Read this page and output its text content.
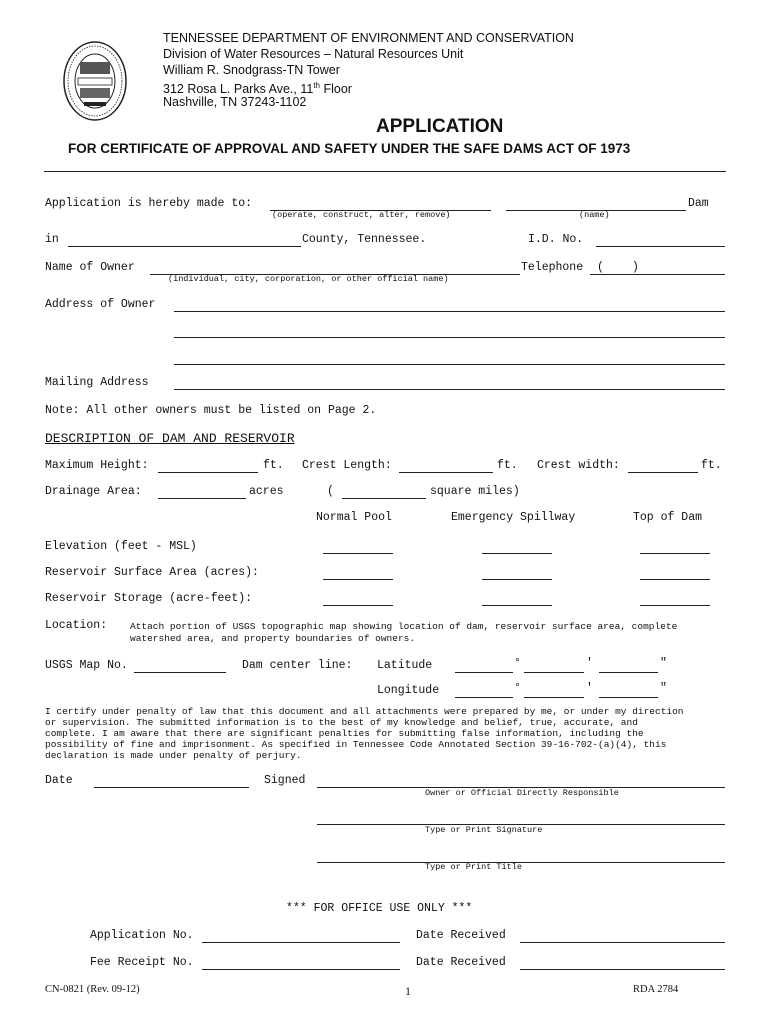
TENNESSEE DEPARTMENT OF ENVIRONMENT AND CONSERVATION
Division of Water Resources – Natural Resources Unit
William R. Snodgrass-TN Tower
312 Rosa L. Parks Ave., 11th Floor
Nashville, TN 37243-1102
APPLICATION
FOR CERTIFICATE OF APPROVAL AND SAFETY UNDER THE SAFE DAMS ACT OF 1973
Application is hereby made to:
(operate, construct, alter, remove)
Dam
(name)
in	County, Tennessee.	I.D. No.
Name of Owner
(individual, city, corporation, or other official name)
Telephone ( )
Address of Owner
Mailing Address
Note: All other owners must be listed on Page 2.
DESCRIPTION OF DAM AND RESERVOIR
Maximum Height:	ft. Crest Length:	ft. Crest width:	ft.
Drainage Area:	acres	(	square miles)
Normal Pool	Emergency Spillway	Top of Dam
Elevation (feet - MSL)
Reservoir Surface Area (acres):
Reservoir Storage (acre-feet):
Location: Attach portion of USGS topographic map showing location of dam, reservoir surface area, complete
watershed area, and property boundaries of owners.
USGS Map No.	Dam center line: Latitude	°	'	"
Longitude	°	'	"
I certify under penalty of law that this document and all attachments were prepared by me, or under my direction
or supervision. The submitted information is to the best of my knowledge and belief, true, accurate, and
complete. I am aware that there are significant penalties for submitting false information, including the
possibility of fine and imprisonment. As specified in Tennessee Code Annotated Section 39-16-702-(a)(4), this
declaration is made under penalty of perjury.
Date	Signed
Owner or Official Directly Responsible
Type or Print Signature
Type or Print Title
*** FOR OFFICE USE ONLY ***
Application No.	Date Received
Fee Receipt No.	Date Received
CN-0821 (Rev. 09-12)	1	RDA 2784
